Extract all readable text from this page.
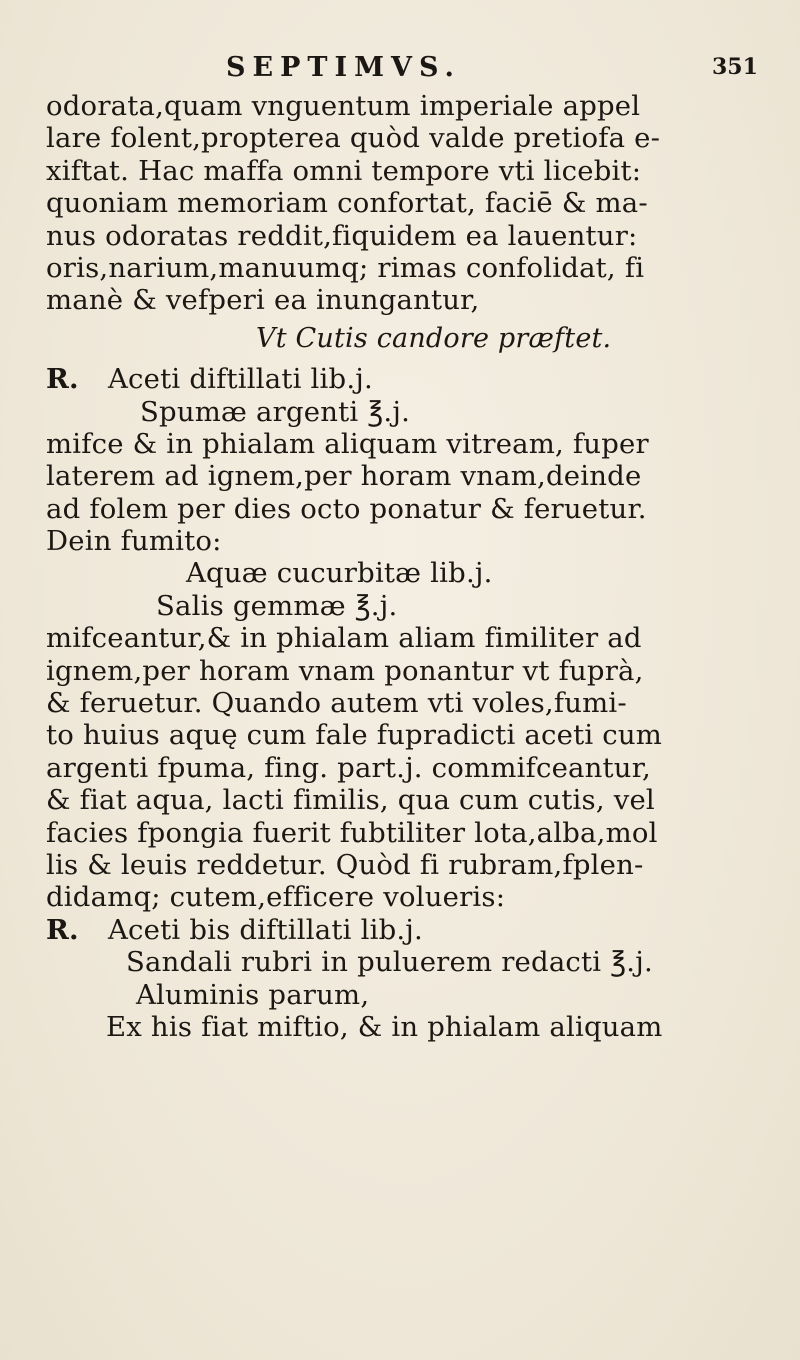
SEPTIMVS.	351
odorata,quam vnguentum imperiale appel
lare folent,propterea quòd valde pretiofa e-
xiftat. Hac maffa omni tempore vti licebit:
quoniam memoriam confortat, faciē & ma-
nus odoratas reddit,fiquidem ea lauentur:
oris,narium,manuumq; rimas confolidat, fi
manè & vefperi ea inungantur,
Vt Cutis candore præftet.
R.	Aceti diftillati lib.j.
Spumæ argenti ℥.j.
mifce & in phialam aliquam vitream, fuper
laterem ad ignem,per horam vnam,deinde
ad folem per dies octo ponatur & feruetur.
Dein fumito:
Aquæ cucurbitæ lib.j.
Salis gemmæ ℥.j.
mifceantur,& in phialam aliam fimiliter ad
ignem,per horam vnam ponantur vt fuprà,
& feruetur. Quando autem vti voles,fumi-
to huius aquę cum fale fupradicti aceti cum
argenti fpuma, fing. part.j. commifceantur,
& fiat aqua, lacti fimilis, qua cum cutis, vel
facies fpongia fuerit fubtiliter lota,alba,mol
lis & leuis reddetur. Quòd fi rubram,fplen-
didamq; cutem,efficere volueris:
R.	Aceti bis diftillati lib.j.
Sandali rubri in puluerem redacti ℥.j.
Aluminis parum,
Ex his fiat miftio, & in phialam aliquam
